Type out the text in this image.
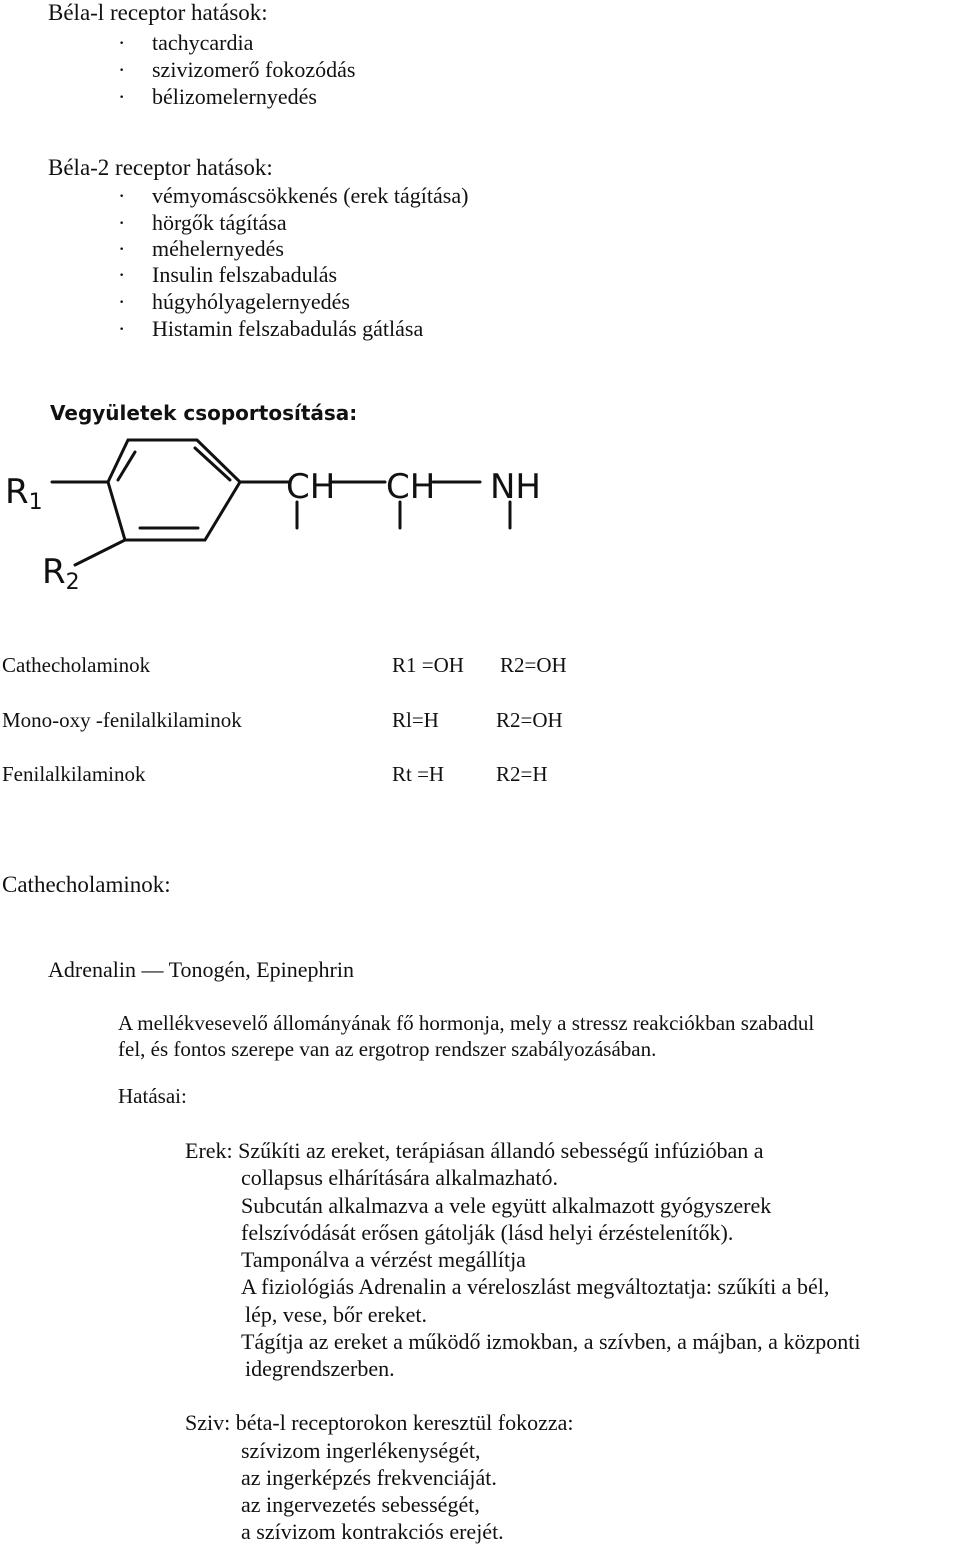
Béla-l receptor hatások:
· tachycardia
· szivizomerő fokozódás
· bélizomelernyedés
Béla-2 receptor hatások:
· vémyomáscsökkenés (erek tágítása)
· hörgők tágítása
· méhelernyedés
· Insulin felszabadulás
· húgyhólyagelernyedés
· Histamin felszabadulás gátlása
Vegyületek csoportosítása:
R1
R2
CH CH NH
Cathecholaminok	R1 =OH R2=OH
Mono-oxy -fenilalkilaminok	Rl=H	R2=OH
Fenilalkilaminok	Rt =H R2=H
Cathecholaminok:
Adrenalin — Tonogén, Epinephrin
A mellékvesevelő állományának fő hormonja, mely a stressz reakciókban szabadul
fel, és fontos szerepe van az ergotrop rendszer szabályozásában.
Hatásai:
Erek: Szűkíti az ereket, terápiásan állandó sebességű infúzióban a
collapsus elhárítására alkalmazható.
Subcután alkalmazva a vele együtt alkalmazott gyógyszerek
felszívódását erősen gátolják (lásd helyi érzéstelenítők).
Tamponálva a vérzést megállítja
A fiziológiás Adrenalin a véreloszlást megváltoztatja: szűkíti a bél,
lép, vese, bőr ereket.
Tágítja az ereket a működő izmokban, a szívben, a májban, a központi
idegrendszerben.
Sziv: béta-l receptorokon keresztül fokozza:
szívizom ingerlékenységét,
az ingerképzés frekvenciáját.
az ingervezetés sebességét,
a szívizom kontrakciós erejét.
